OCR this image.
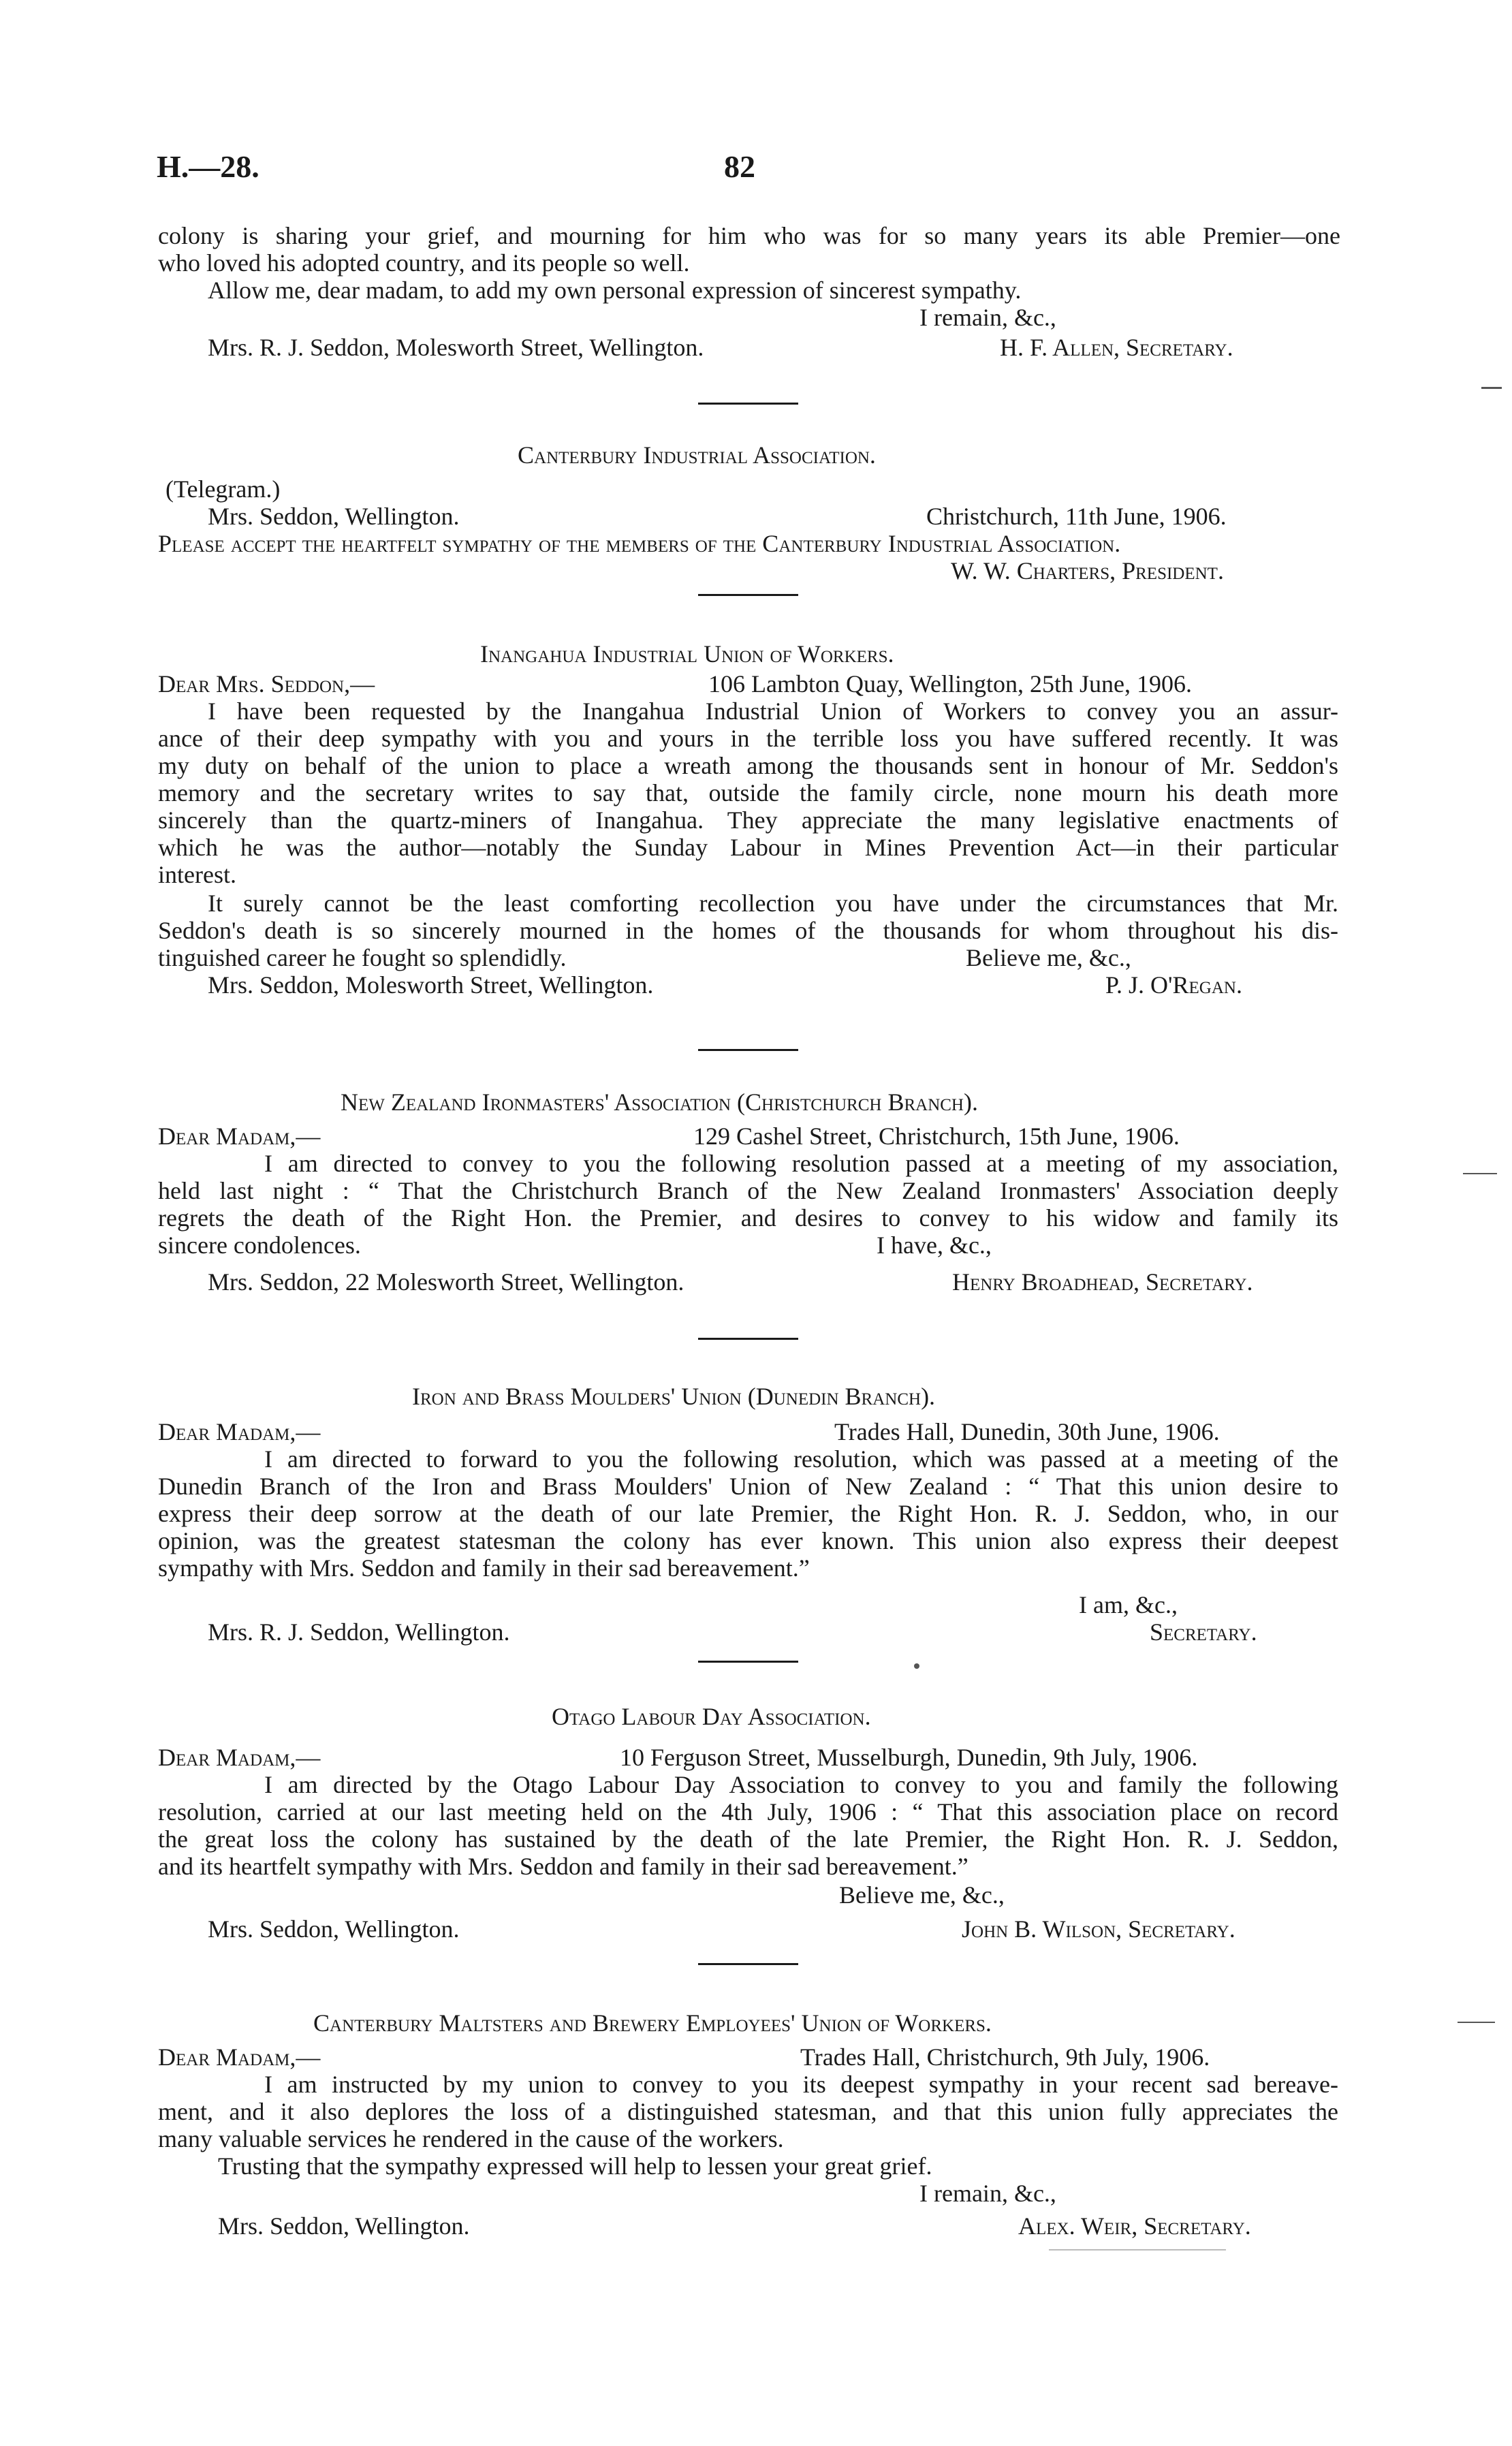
H.—28.	82
colony is sharing your grief, and mourning for him who was for so many years its able Premier—one
who loved his adopted country, and its people so well.
Allow me, dear madam, to add my own personal expression of sincerest sympathy.
I remain, &c.,
Mrs. R. J. Seddon, Molesworth Street, Wellington.	H. F. Allen, Secretary.
Canterbury Industrial Association.
(Telegram.)
Mrs. Seddon, Wellington.	Christchurch, 11th June, 1906.
Please accept the heartfelt sympathy of the members of the Canterbury Industrial Association.
W. W. Charters, President.
Inangahua Industrial Union of Workers.
Dear Mrs. Seddon,—	106 Lambton Quay, Wellington, 25th June, 1906.
I have been requested by the Inangahua Industrial Union of Workers to convey you an assur-
ance of their deep sympathy with you and yours in the terrible loss you have suffered recently. It was
my duty on behalf of the union to place a wreath among the thousands sent in honour of Mr. Seddon's
memory and the secretary writes to say that, outside the family circle, none mourn his death more
sincerely than the quartz-miners of Inangahua. They appreciate the many legislative enactments of
which he was the author—notably the Sunday Labour in Mines Prevention Act—in their particular
interest.
It surely cannot be the least comforting recollection you have under the circumstances that Mr.
Seddon's death is so sincerely mourned in the homes of the thousands for whom throughout his dis-
tinguished career he fought so splendidly.	Believe me, &c.,
Mrs. Seddon, Molesworth Street, Wellington.	P. J. O'Regan.
New Zealand Ironmasters' Association (Christchurch Branch).
Dear Madam,—	129 Cashel Street, Christchurch, 15th June, 1906.
I am directed to convey to you the following resolution passed at a meeting of my association,
held last night : “ That the Christchurch Branch of the New Zealand Ironmasters' Association deeply
regrets the death of the Right Hon. the Premier, and desires to convey to his widow and family its
sincere condolences.	I have, &c.,
Mrs. Seddon, 22 Molesworth Street, Wellington.	Henry Broadhead, Secretary.
Iron and Brass Moulders' Union (Dunedin Branch).
Dear Madam,—	Trades Hall, Dunedin, 30th June, 1906.
I am directed to forward to you the following resolution, which was passed at a meeting of the
Dunedin Branch of the Iron and Brass Moulders' Union of New Zealand : “ That this union desire to
express their deep sorrow at the death of our late Premier, the Right Hon. R. J. Seddon, who, in our
opinion, was the greatest statesman the colony has ever known. This union also express their deepest
sympathy with Mrs. Seddon and family in their sad bereavement.”
I am, &c.,
Mrs. R. J. Seddon, Wellington.	Secretary.
Otago Labour Day Association.
Dear Madam,—	10 Ferguson Street, Musselburgh, Dunedin, 9th July, 1906.
I am directed by the Otago Labour Day Association to convey to you and family the following
resolution, carried at our last meeting held on the 4th July, 1906 : “ That this association place on record
the great loss the colony has sustained by the death of the late Premier, the Right Hon. R. J. Seddon,
and its heartfelt sympathy with Mrs. Seddon and family in their sad bereavement.”
Believe me, &c.,
Mrs. Seddon, Wellington.	John B. Wilson, Secretary.
Canterbury Maltsters and Brewery Employees' Union of Workers.
Dear Madam,—	Trades Hall, Christchurch, 9th July, 1906.
I am instructed by my union to convey to you its deepest sympathy in your recent sad bereave-
ment, and it also deplores the loss of a distinguished statesman, and that this union fully appreciates the
many valuable services he rendered in the cause of the workers.
Trusting that the sympathy expressed will help to lessen your great grief.
I remain, &c.,
Mrs. Seddon, Wellington.	Alex. Weir, Secretary.
